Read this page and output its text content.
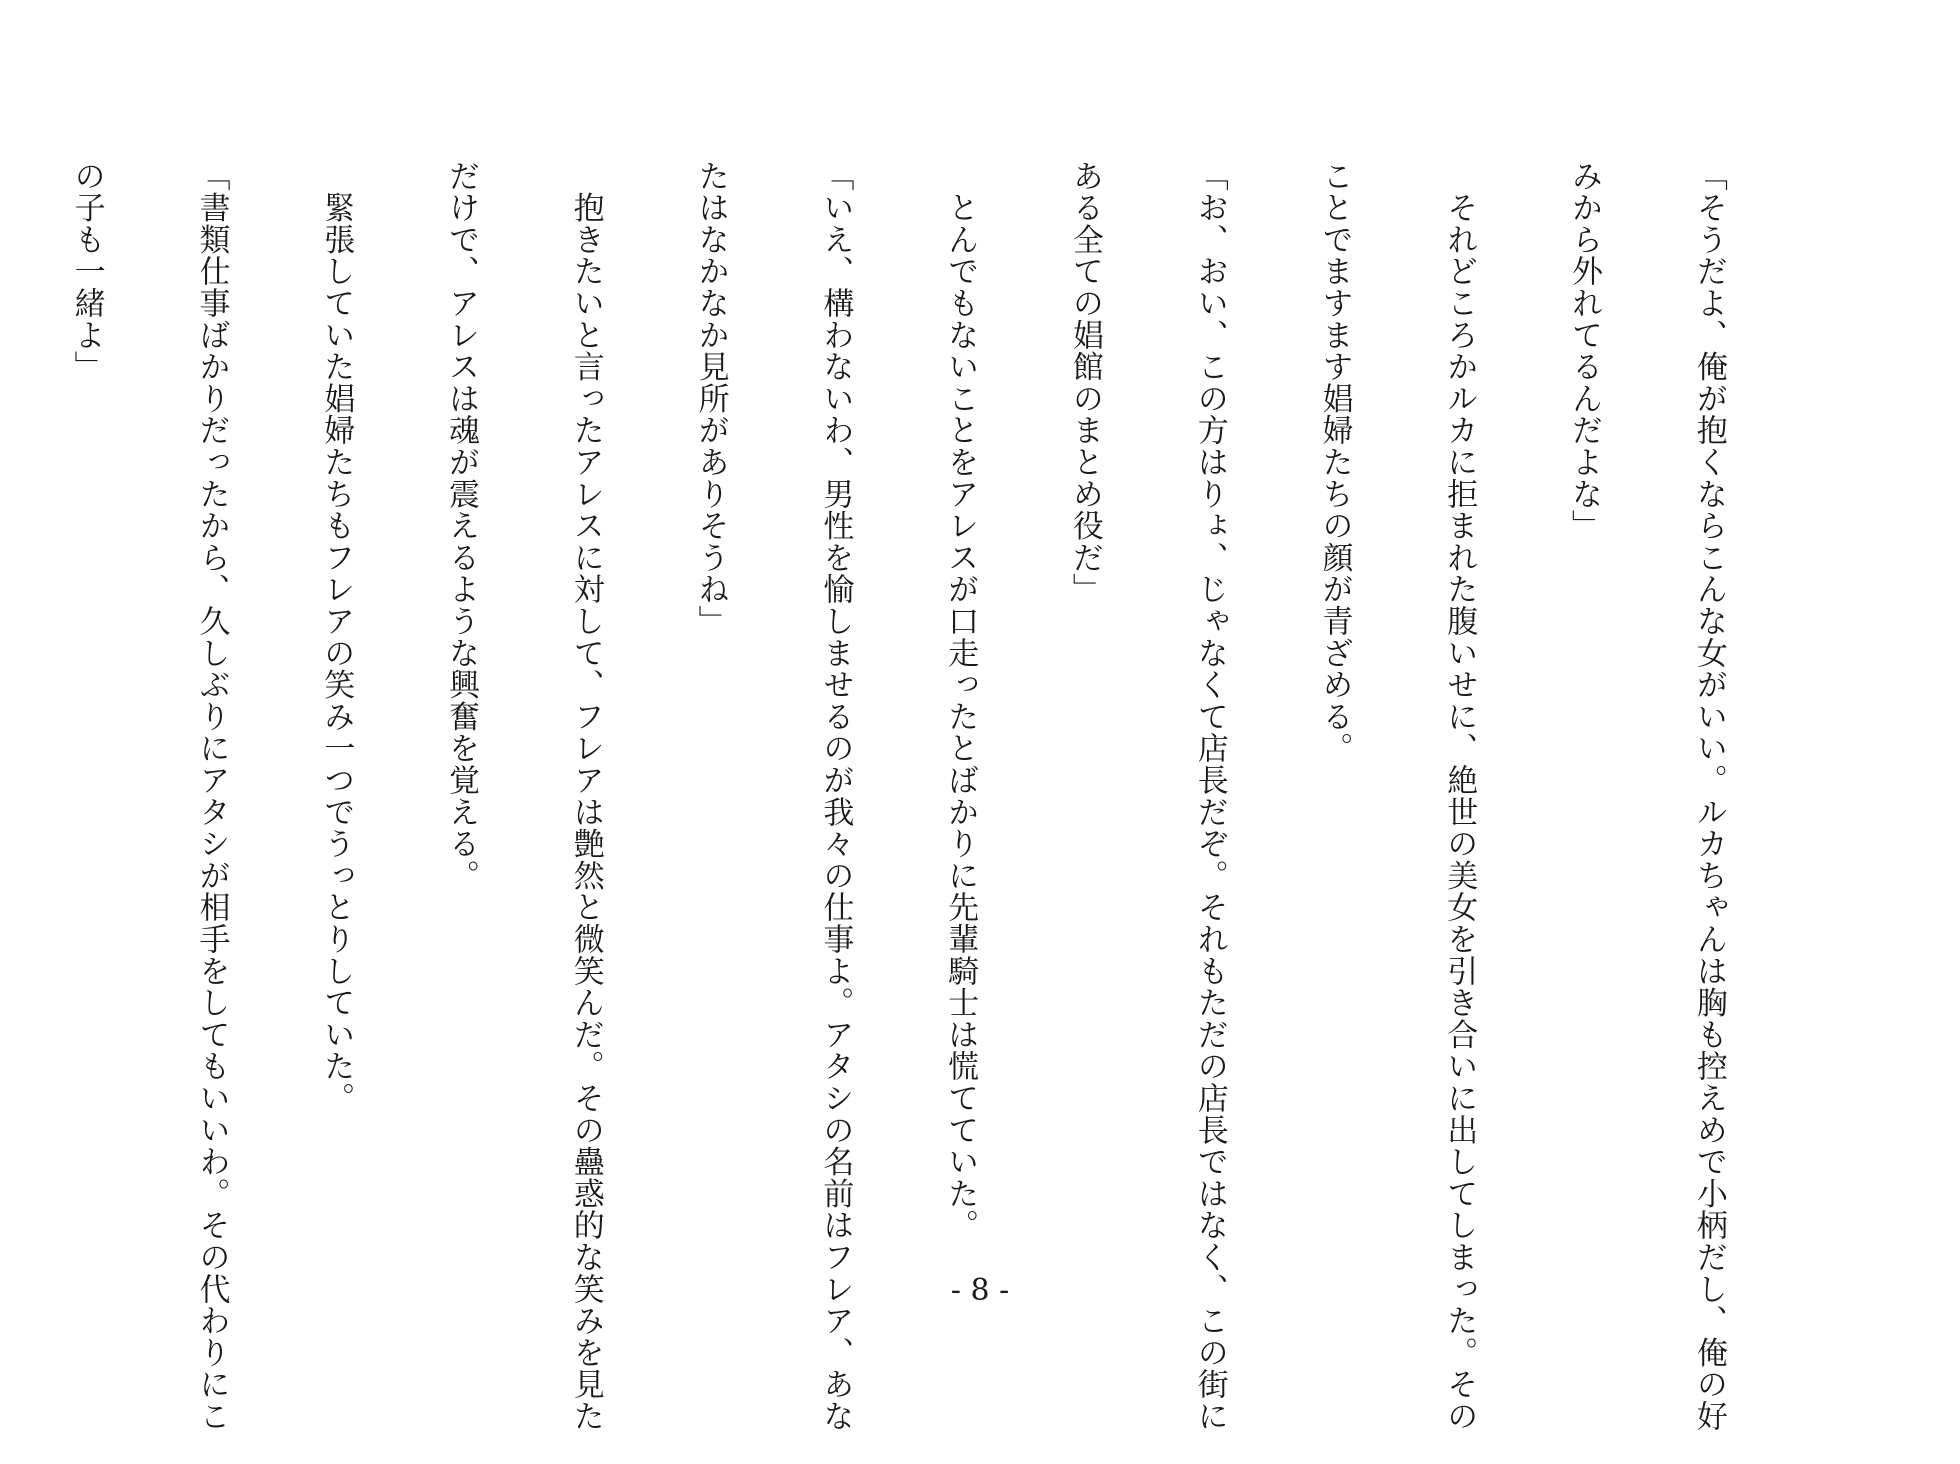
「そうだよ、俺が抱くならこんな女がいい。ルカちゃんは胸も控えめで小柄だし、俺の好

みから外れてるんだよな」

　それどころかルカに拒まれた腹いせに、絶世の美女を引き合いに出してしまった。その

ことでますます娼婦たちの顔が青ざめる。

「お、おい、この方はりょ、じゃなくて店長だぞ。それもただの店長ではなく、この街に

ある全ての娼館のまとめ役だ」

　とんでもないことをアレスが口走ったとばかりに先輩騎士は慌てていた。

「いえ、構わないわ、男性を愉しませるのが我々の仕事よ。アタシの名前はフレア、あな

たはなかなか見所がありそうね」

　抱きたいと言ったアレスに対して、フレアは艶然と微笑んだ。その蠱惑的な笑みを見た

だけで、アレスは魂が震えるような興奮を覚える。

　緊張していた娼婦たちもフレアの笑み一つでうっとりしていた。

「書類仕事ばかりだったから、久しぶりにアタシが相手をしてもいいわ。その代わりにこ

の子も一緒よ」

- 8 -
